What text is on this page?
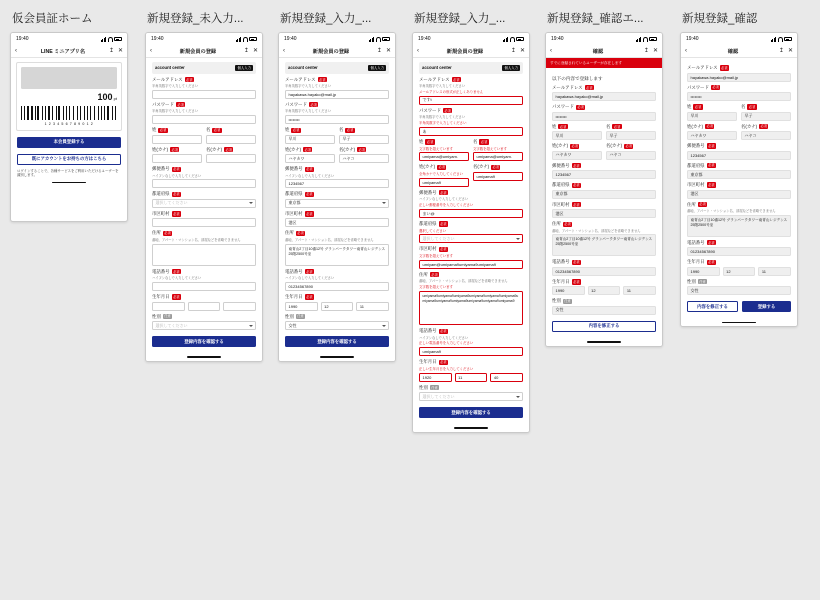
仮会員証ホーム
19:40
‹	LINE ミニアプリ名	↥ ✕
100 pt
1 2 3 4 5 6 7 8 9 0 1 2
本会員登録する
既にアカウントをお持ちの方はこちら
ログインすることで、各種サービスをご利用いただけるユーザーを識別します。
新規登録_未入力...
19:40
‹	新規会員の登録	↥ ✕
account center	個人入力
メールアドレス	必須
半角英数字で入力してください
パスワード	必須
半角英数字で入力してください
姓	必須	名	必須
姓(カナ)	必須	名(カナ)	必須
郵便番号	必須
ハイフンなしで入力してください
都道府県	必須
選択してください
市区町村	必須
住所	必須
番地、アパート・マンション名、部屋などを省略できません
電話番号	必須
ハイフンなしで入力してください
生年月日	必須
性別	任意
選択してください
登録内容を確認する
新規登録_入力_...
19:40
‹	新規会員の登録	↥ ✕
account center	個人入力
メールアドレス	必須
半角英数字で入力してください
hayakawa.hayako@mail.jp
パスワード	必須
半角英数字で入力してください
••••••••
姓	必須
早川
名	必須
早子
姓(カナ)	必須
ハヤカワ
名(カナ)	必須
ハヤコ
郵便番号	必須
ハイフンなしで入力してください
1234567
都道府県	必須
東京都
市区町村	必須
港区
住所	必須
番地、アパート・マンション名、部屋などを省略できません
南青山2丁目10番12号 グランパークタワー南青山レジデンス25階2500号室
電話番号	必須
ハイフンなしで入力してください
01234567890
生年月日	必須
1990	12	11
性別	任意
女性
登録内容を確認する
新規登録_入力_...
19:40
‹	新規会員の登録	↥ ✕
account center	個人入力
メールアドレス	必須
半角英数字で入力してください
メールアドレスの形式が正しくありません
ですt
パスワード	必須
半角英数字で入力してください
半角英数字で入力してください
あ
姓	必須
文字数を超えています
umiyama@umiyam.
名	必須
文字数を超えています
umiyama@umiyam.
姓(カナ)	必須
全角カナで入力してください
umiyama9
名(カナ)	必須
umiyama9
郵便番号	必須
ハイフンなしで入力してください
正しい郵便番号を入力してください
まい@
都道府県	必須
選択してください
選択してください
市区町村	必須
文字数を超えています
umiyam@umiyama9umiyama9umiyama9
住所	必須
番地、アパート・マンション名、部屋などを省略できません
文字数を超えています
umiyama9umiyama9umiyama9umiyama9umiyama9umiyama9umiyama9umiyama9umiyama9umiyama9umiyama9umiyama9
電話番号	必須
ハイフンなしで入力してください
正しい電話番号を入力してください
umiyama9
生年月日	必須
正しい生年月日を入力してください
1920	11	40
性別	任意
選択してください
登録内容を確認する
新規登録_確認エ...
19:40
‹	確認	↥ ✕
すでに登録されているユーザーが存在します
以下の内容で登録します
メールアドレス	必須
hayakawa.hayako@mail.jp
パスワード	必須
••••••••
姓	必須
早川
名	必須
早子
姓(カナ)	必須
ハヤカワ
名(カナ)	必須
ハヤコ
郵便番号	必須
1234567
都道府県	必須
東京都
市区町村	必須
港区
住所	必須
番地、アパート・マンション名、部屋などを省略できません
南青山2丁目10番12号 グランパークタワー南青山レジデンス25階2500号室
電話番号	必須
01234567890
生年月日	必須
1990	12	11
性別	任意
女性
内容を修正する
新規登録_確認
19:40
‹	確認	↥ ✕
メールアドレス	必須
hayakawa.hayako@mail.jp
パスワード	必須
••••••••
姓	必須
早川
名	必須
早子
姓(カナ)	必須
ハヤカワ
名(カナ)	必須
ハヤコ
郵便番号	必須
1234567
都道府県	必須
東京都
市区町村	必須
港区
住所	必須
番地、アパート・マンション名、部屋などを省略できません
南青山2丁目10番12号 グランパークタワー南青山レジデンス25階2500号室
電話番号	必須
01234567890
生年月日	必須
1990	12	11
性別	任意
女性
内容を修正する	登録する
